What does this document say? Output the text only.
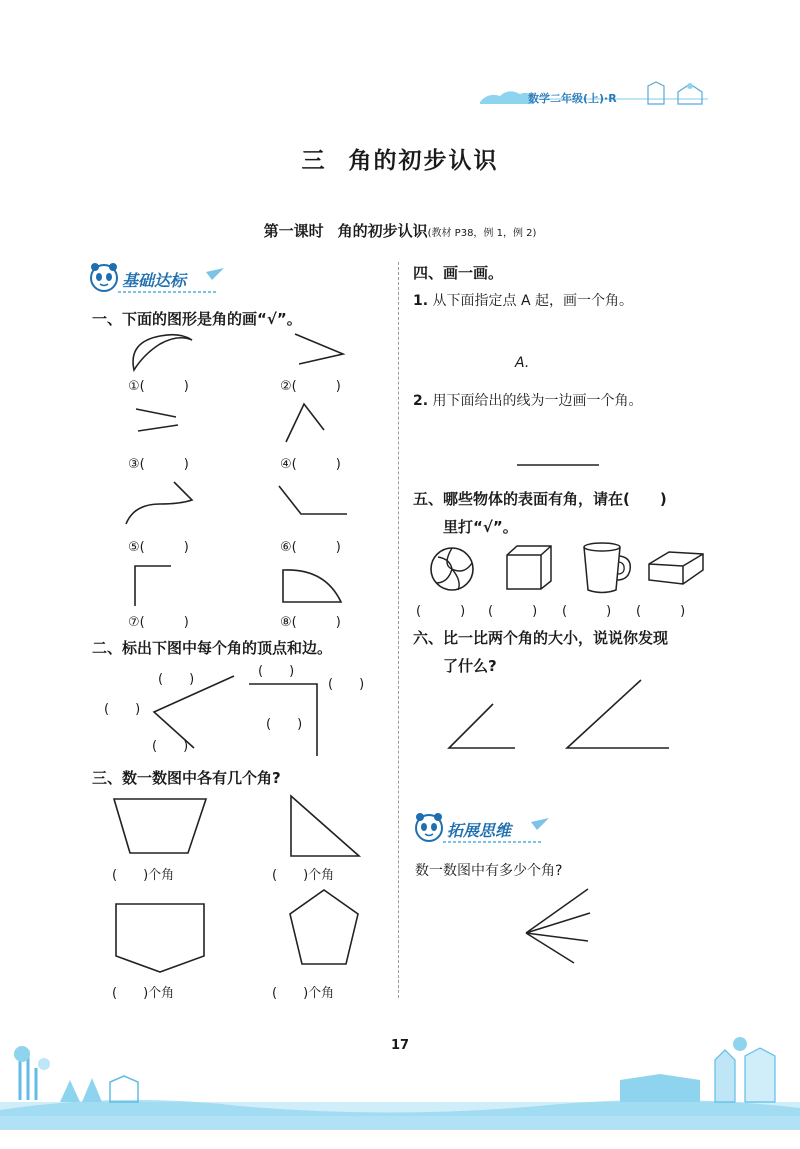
数学二年级(上)·R
三 角的初步认识
第一课时 角的初步认识(教材 P38，例 1，例 2)
基础达标
一、下面的图形是角的画“√”。
①(　　　)	②(　　　)
③(　　　)	④(　　　)
⑤(　　　)	⑥(　　　)
⑦(　　　)	⑧(　　　)
二、标出下图中每个角的顶点和边。
(　　)
(　　)
(　　)
(　　)
(　　)
(　　)
三、数一数图中各有几个角?
(　　)个角	(　　)个角
(　　)个角	(　　)个角
四、画一画。
1. 从下面指定点 A 起，画一个角。
A.
2. 用下面给出的线为一边画一个角。
五、哪些物体的表面有角，请在(　　)
里打“√”。
(　　　) (　　　) (　　　) (　　　)
六、比一比两个角的大小，说说你发现
了什么?
拓展思维
数一数图中有多少个角?
17
